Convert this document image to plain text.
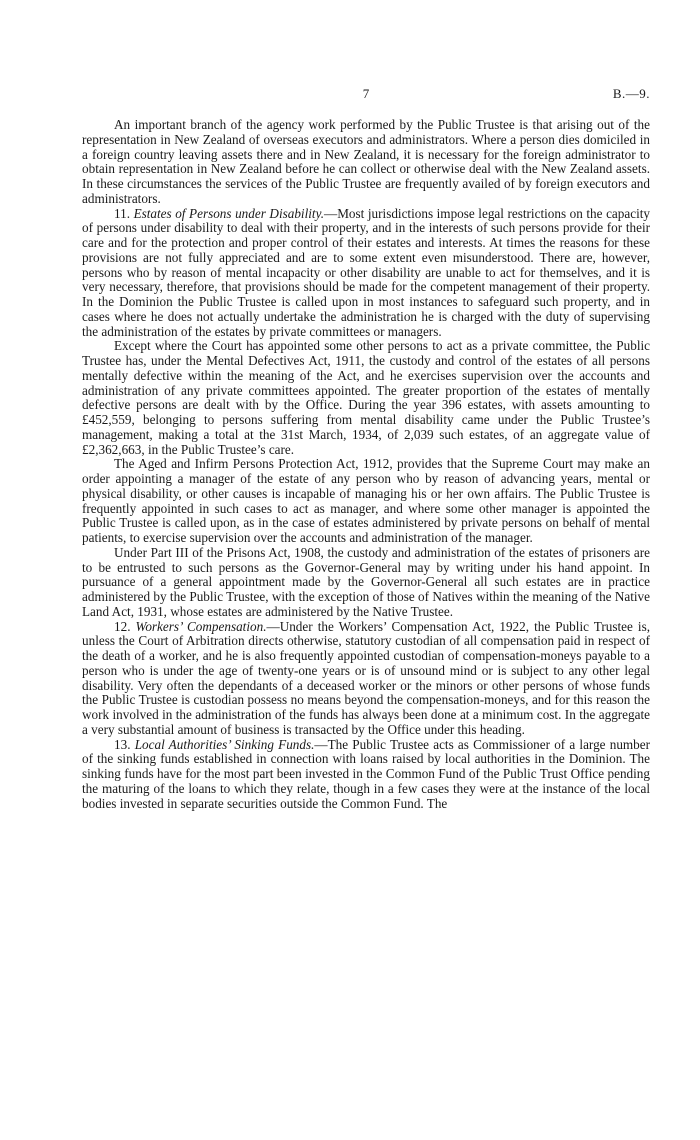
7	B.—9.

An important branch of the agency work performed by the Public Trustee is that arising out of the representation in New Zealand of overseas executors and administrators. Where a person dies domiciled in a foreign country leaving assets there and in New Zealand, it is necessary for the foreign administrator to obtain representation in New Zealand before he can collect or otherwise deal with the New Zealand assets. In these circumstances the services of the Public Trustee are frequently availed of by foreign executors and administrators.

11. Estates of Persons under Disability.—Most jurisdictions impose legal restrictions on the capacity of persons under disability to deal with their property, and in the interests of such persons provide for their care and for the protection and proper control of their estates and interests. At times the reasons for these provisions are not fully appreciated and are to some extent even misunderstood. There are, however, persons who by reason of mental incapacity or other disability are unable to act for themselves, and it is very necessary, therefore, that provisions should be made for the competent management of their property. In the Dominion the Public Trustee is called upon in most instances to safeguard such property, and in cases where he does not actually undertake the administration he is charged with the duty of supervising the administration of the estates by private committees or managers.

Except where the Court has appointed some other persons to act as a private committee, the Public Trustee has, under the Mental Defectives Act, 1911, the custody and control of the estates of all persons mentally defective within the meaning of the Act, and he exercises supervision over the accounts and administration of any private committees appointed. The greater proportion of the estates of mentally defective persons are dealt with by the Office. During the year 396 estates, with assets amounting to £452,559, belonging to persons suffering from mental disability came under the Public Trustee’s management, making a total at the 31st March, 1934, of 2,039 such estates, of an aggregate value of £2,362,663, in the Public Trustee’s care.

The Aged and Infirm Persons Protection Act, 1912, provides that the Supreme Court may make an order appointing a manager of the estate of any person who by reason of advancing years, mental or physical disability, or other causes is incapable of managing his or her own affairs. The Public Trustee is frequently appointed in such cases to act as manager, and where some other manager is appointed the Public Trustee is called upon, as in the case of estates administered by private persons on behalf of mental patients, to exercise supervision over the accounts and administration of the manager.

Under Part III of the Prisons Act, 1908, the custody and administration of the estates of prisoners are to be entrusted to such persons as the Governor-General may by writing under his hand appoint. In pursuance of a general appointment made by the Governor-General all such estates are in practice administered by the Public Trustee, with the exception of those of Natives within the meaning of the Native Land Act, 1931, whose estates are administered by the Native Trustee.

12. Workers’ Compensation.—Under the Workers’ Compensation Act, 1922, the Public Trustee is, unless the Court of Arbitration directs otherwise, statutory custodian of all compensation paid in respect of the death of a worker, and he is also frequently appointed custodian of compensation-moneys payable to a person who is under the age of twenty-one years or is of unsound mind or is subject to any other legal disability. Very often the dependants of a deceased worker or the minors or other persons of whose funds the Public Trustee is custodian possess no means beyond the compensation-moneys, and for this reason the work involved in the administration of the funds has always been done at a minimum cost. In the aggregate a very substantial amount of business is transacted by the Office under this heading.

13. Local Authorities’ Sinking Funds.—The Public Trustee acts as Commissioner of a large number of the sinking funds established in connection with loans raised by local authorities in the Dominion. The sinking funds have for the most part been invested in the Common Fund of the Public Trust Office pending the maturing of the loans to which they relate, though in a few cases they were at the instance of the local bodies invested in separate securities outside the Common Fund. The
